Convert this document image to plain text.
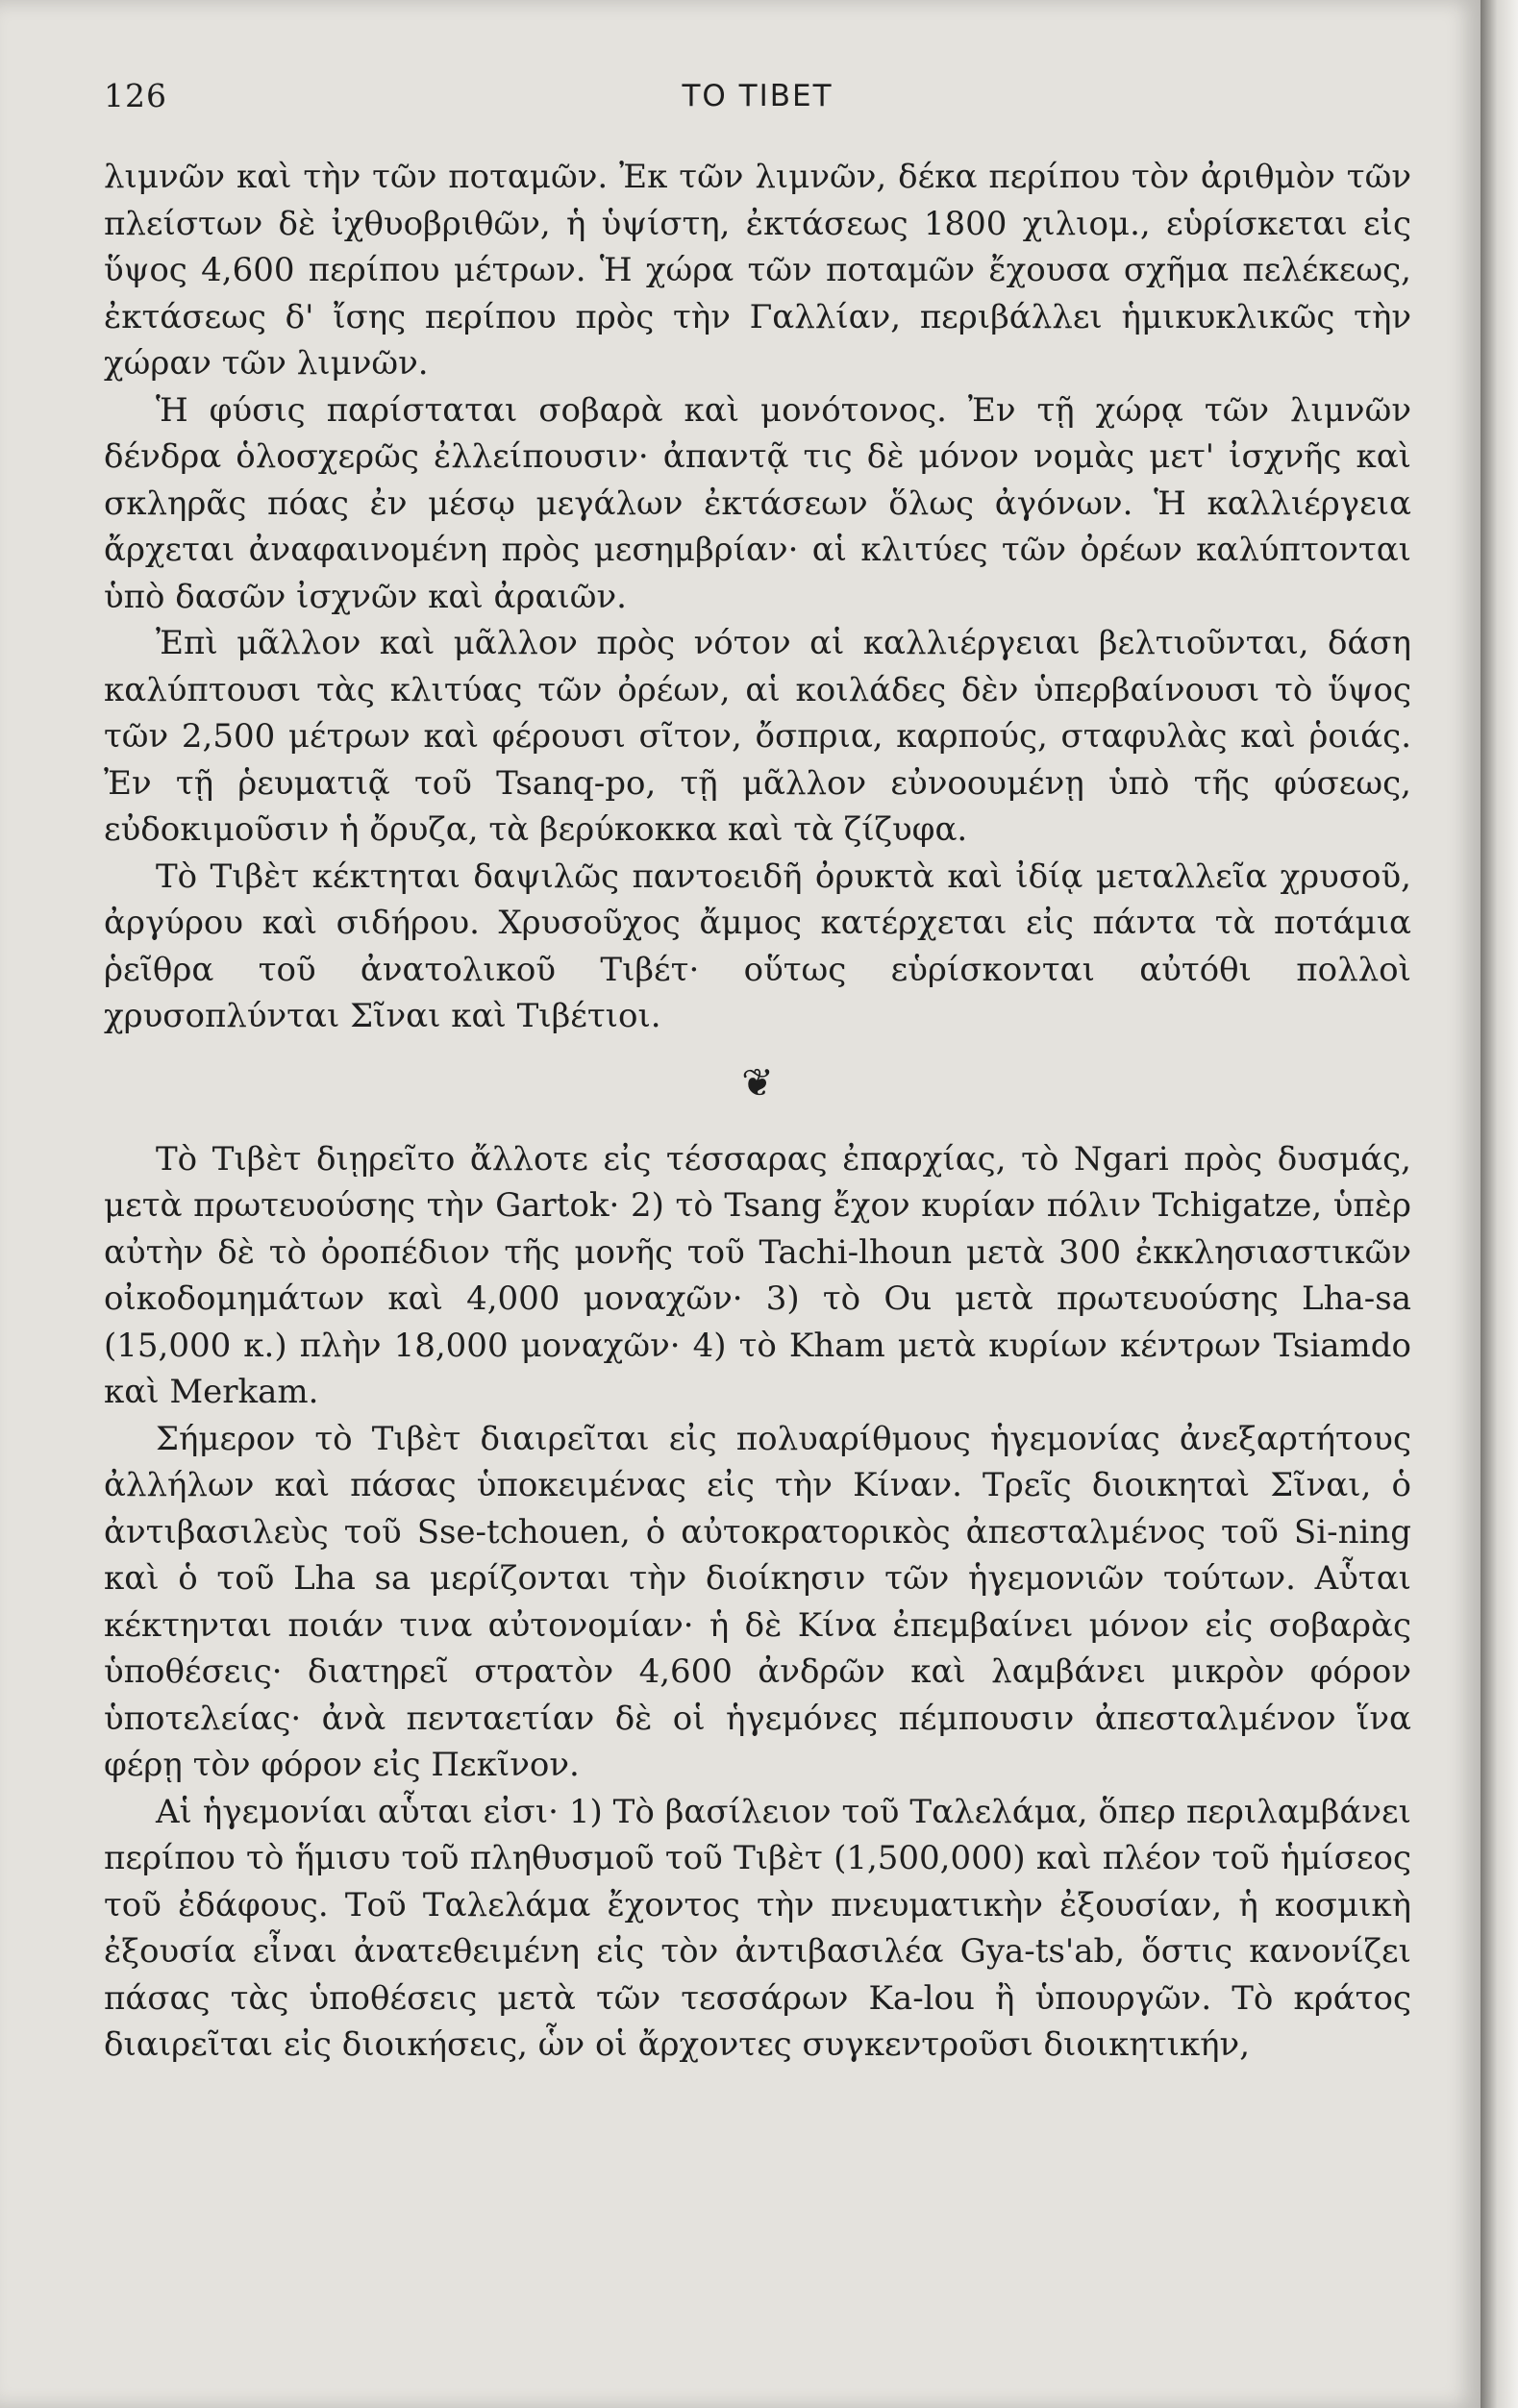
126	ΤΟ ΤΙΒΕΤ

λιμνῶν καὶ τὴν τῶν ποταμῶν. Ἐκ τῶν λιμνῶν, δέκα περίπου τὸν ἀριθμὸν τῶν πλείστων δὲ ἰχθυοβριθῶν, ἡ ὑψίστη, ἐκτάσεως 1800 χιλιομ., εὑρίσκεται εἰς ὕψος 4,600 περίπου μέτρων. Ἡ χώρα τῶν ποταμῶν ἔχουσα σχῆμα πελέκεως, ἐκτάσεως δ' ἴσης περίπου πρὸς τὴν Γαλλίαν, περιβάλλει ἡμικυκλικῶς τὴν χώραν τῶν λιμνῶν.

Ἡ φύσις παρίσταται σοβαρὰ καὶ μονότονος. Ἐν τῇ χώρᾳ τῶν λιμνῶν δένδρα ὁλοσχερῶς ἐλλείπουσιν· ἀπαντᾷ τις δὲ μόνον νομὰς μετ' ἰσχνῆς καὶ σκληρᾶς πόας ἐν μέσῳ μεγάλων ἐκτάσεων ὅλως ἀγόνων. Ἡ καλλιέργεια ἄρχεται ἀναφαινομένη πρὸς μεσημβρίαν· αἱ κλιτύες τῶν ὀρέων καλύπτονται ὑπὸ δασῶν ἰσχνῶν καὶ ἀραιῶν.

Ἐπὶ μᾶλλον καὶ μᾶλλον πρὸς νότον αἱ καλλιέργειαι βελτιοῦνται, δάση καλύπτουσι τὰς κλιτύας τῶν ὀρέων, αἱ κοιλάδες δὲν ὑπερβαίνουσι τὸ ὕψος τῶν 2,500 μέτρων καὶ φέρουσι σῖτον, ὄσπρια, καρπούς, σταφυλὰς καὶ ῥοιάς. Ἐν τῇ ῥευματιᾷ τοῦ Tsanq-po, τῇ μᾶλλον εὐνοουμένῃ ὑπὸ τῆς φύσεως, εὐδοκιμοῦσιν ἡ ὄρυζα, τὰ βερύκοκκα καὶ τὰ ζίζυφα.

Τὸ Τιβὲτ κέκτηται δαψιλῶς παντοειδῆ ὀρυκτὰ καὶ ἰδίᾳ μεταλλεῖα χρυσοῦ, ἀργύρου καὶ σιδήρου. Χρυσοῦχος ἄμμος κατέρχεται εἰς πάντα τὰ ποτάμια ῥεῖθρα τοῦ ἀνατολικοῦ Τιβέτ· οὕτως εὑρίσκονται αὐτόθι πολλοὶ χρυσοπλύνται Σῖναι καὶ Τιβέτιοι.

❦

Τὸ Τιβὲτ διῃρεῖτο ἄλλοτε εἰς τέσσαρας ἐπαρχίας, τὸ Ngari πρὸς δυσμάς, μετὰ πρωτευούσης τὴν Gartok· 2) τὸ Tsang ἔχον κυρίαν πόλιν Tchigatze, ὑπὲρ αὐτὴν δὲ τὸ ὀροπέδιον τῆς μονῆς τοῦ Tachi-lhoun μετὰ 300 ἐκκλησιαστικῶν οἰκοδομημάτων καὶ 4,000 μοναχῶν· 3) τὸ Ou μετὰ πρωτευούσης Lha-sa (15,000 κ.) πλὴν 18,000 μοναχῶν· 4) τὸ Kham μετὰ κυρίων κέντρων Tsiamdo καὶ Merkam.

Σήμερον τὸ Τιβὲτ διαιρεῖται εἰς πολυαρίθμους ἡγεμονίας ἀνεξαρτήτους ἀλλήλων καὶ πάσας ὑποκειμένας εἰς τὴν Κίναν. Τρεῖς διοικηταὶ Σῖναι, ὁ ἀντιβασιλεὺς τοῦ Sse-tchouen, ὁ αὐτοκρατορικὸς ἀπεσταλμένος τοῦ Si-ning καὶ ὁ τοῦ Lha sa μερίζονται τὴν διοίκησιν τῶν ἡγεμονιῶν τούτων. Αὗται κέκτηνται ποιάν τινα αὐτονομίαν· ἡ δὲ Κίνα ἐπεμβαίνει μόνον εἰς σοβαρὰς ὑποθέσεις· διατηρεῖ στρατὸν 4,600 ἀνδρῶν καὶ λαμβάνει μικρὸν φόρον ὑποτελείας· ἀνὰ πενταετίαν δὲ οἱ ἡγεμόνες πέμπουσιν ἀπεσταλμένον ἵνα φέρῃ τὸν φόρον εἰς Πεκῖνον.

Αἱ ἡγεμονίαι αὗται εἰσι· 1) Τὸ βασίλειον τοῦ Ταλελάμα, ὅπερ περιλαμβάνει περίπου τὸ ἥμισυ τοῦ πληθυσμοῦ τοῦ Τιβὲτ (1,500,000) καὶ πλέον τοῦ ἡμίσεος τοῦ ἐδάφους. Τοῦ Ταλελάμα ἔχοντος τὴν πνευματικὴν ἐξουσίαν, ἡ κοσμικὴ ἐξουσία εἶναι ἀνατεθειμένη εἰς τὸν ἀντιβασιλέα Gya-ts'ab, ὅστις κανονίζει πάσας τὰς ὑποθέσεις μετὰ τῶν τεσσάρων Ka-lou ἢ ὑπουργῶν. Τὸ κράτος διαιρεῖται εἰς διοικήσεις, ὧν οἱ ἄρχοντες συγκεντροῦσι διοικητικήν,
